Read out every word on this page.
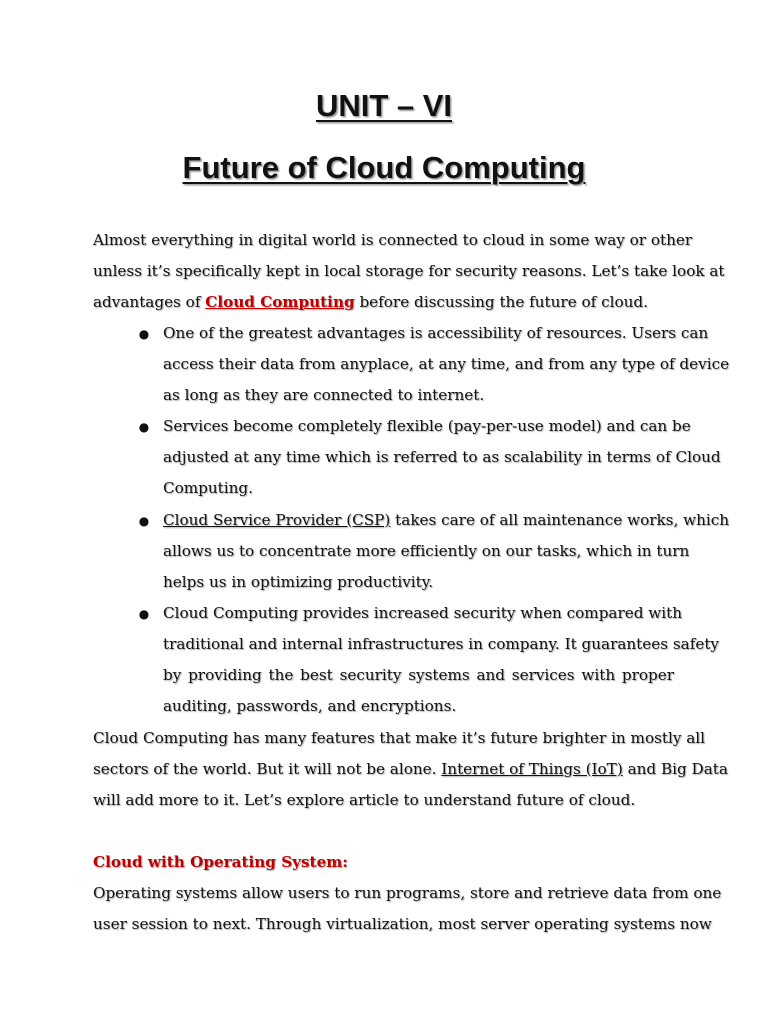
UNIT – VI
Future of Cloud Computing
Almost everything in digital world is connected to cloud in some way or other
unless it’s specifically kept in local storage for security reasons. Let’s take look at
advantages of Cloud Computing before discussing the future of cloud.
● One of the greatest advantages is accessibility of resources. Users can
access their data from anyplace, at any time, and from any type of device
as long as they are connected to internet.
● Services become completely flexible (pay-per-use model) and can be
adjusted at any time which is referred to as scalability in terms of Cloud
Computing.
● Cloud Service Provider (CSP) takes care of all maintenance works, which
allows us to concentrate more efficiently on our tasks, which in turn
helps us in optimizing productivity.
● Cloud Computing provides increased security when compared with
traditional and internal infrastructures in company. It guarantees safety
by providing the best security systems and services with proper
auditing, passwords, and encryptions.
Cloud Computing has many features that make it’s future brighter in mostly all
sectors of the world. But it will not be alone. Internet of Things (IoT) and Big Data
will add more to it. Let’s explore article to understand future of cloud.
Cloud with Operating System:
Operating systems allow users to run programs, store and retrieve data from one
user session to next. Through virtualization, most server operating systems now
